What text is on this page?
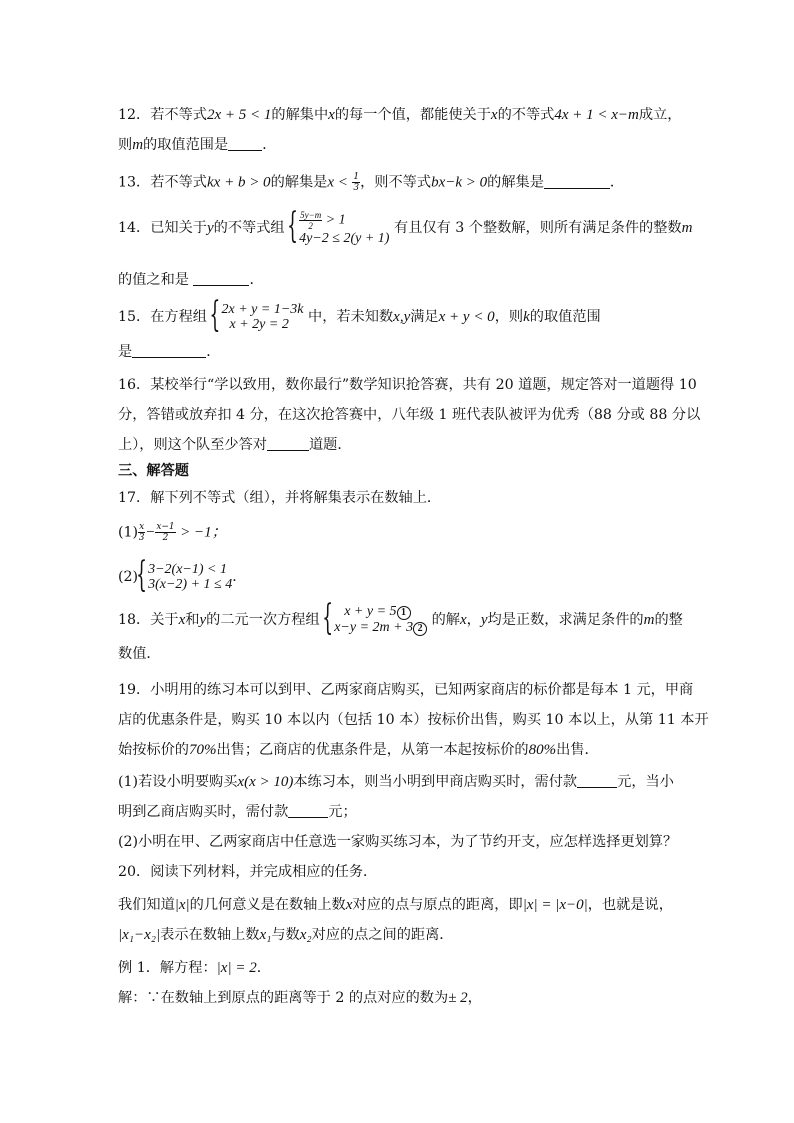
12．若不等式2x + 5 < 1的解集中x的每一个值，都能使关于x的不等式4x + 1 < x−m成立，
则m的取值范围是 ．
13．若不等式kx + b > 0的解集是$x < \frac{1}{3}$ ，则不等式bx−k > 0的解集是	．
14．已知关于y的不等式组 { $\frac{5y-m}{2} > 1$
4y−2 ≤ 2(y + 1)
有且仅有 3 个整数解，则所有满足条件的整数m
的值之和是	．
15．在方程组 { 2x + y = 1−3k
x + 2y = 2	中，若未知数x,y满足x + y < 0，则k的取值范围
是	．
16．某校举行“学以致用，数你最行”数学知识抢答赛，共有 20 道题，规定答对一道题得 10
分，答错或放弃扣 4 分，在这次抢答赛中，八年级 1 班代表队被评为优秀（88 分或 88 分以
上），则这个队至少答对	道题．
三、解答题
17．解下列不等式（组），并将解集表示在数轴上．
$(1) \frac{x}{3} - \frac{x-1}{2} > -1$；
(2) { 3−2(x−1) < 1
3(x−2) + 1 ≤ 4 ．
18．关于x和y的二元一次方程组
{ x + y = 5 1
x−y = 2m + 3 2
的解x，y均是正数，求满足条件的m的整
数值．
19．小明用的练习本可以到甲、乙两家商店购买，已知两家商店的标价都是每本 1 元，甲商
店的优惠条件是，购买 10 本以内（包括 10 本）按标价出售，购买 10 本以上，从第 11 本开
始按标价的70%出售；乙商店的优惠条件是，从第一本起按标价的80%出售．
(1)若设小明要购买x(x > 10)本练习本，则当小明到甲商店购买时，需付款	元，当小
明到乙商店购买时，需付款	元；
(2)小明在甲、乙两家商店中任意选一家购买练习本，为了节约开支，应怎样选择更划算？
20．阅读下列材料，并完成相应的任务．
我们知道|x|的几何意义是在数轴上数x对应的点与原点的距离，即|x| = |x−0|，也就是说，
|x₁−x₂|表示在数轴上数x₁与数x₂对应的点之间的距离．
例 1．解方程：|x| = 2．
解：∵在数轴上到原点的距离等于 2 的点对应的数为± 2，
